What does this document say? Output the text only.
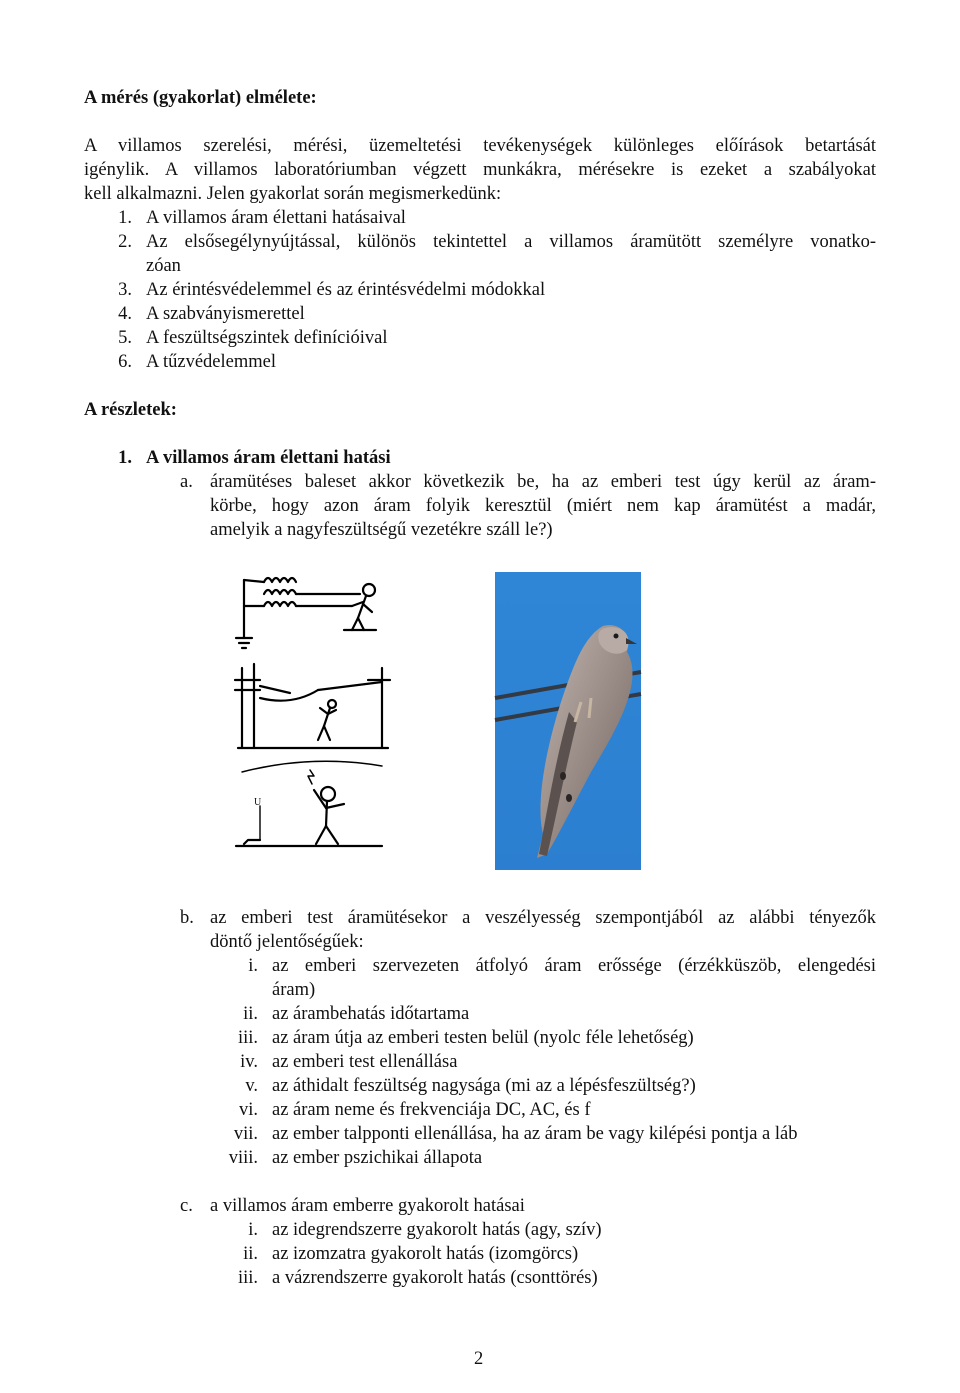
A mérés (gyakorlat) elmélete:
A villamos szerelési, mérési, üzemeltetési tevékenységek különleges előírások betartását
igénylik. A villamos laboratóriumban végzett munkákra, mérésekre is ezeket a szabályokat
kell alkalmazni. Jelen gyakorlat során megismerkedünk:
1. A villamos áram élettani hatásaival
2. Az elsősegélynyújtással, különös tekintettel a villamos áramütött személyre vonatko-
zóan
3. Az érintésvédelemmel és az érintésvédelmi módokkal
4. A szabványismerettel
5. A feszültségszintek definícióival
6. A tűzvédelemmel
A részletek:
1. A villamos áram élettani hatási
a. áramütéses baleset akkor következik be, ha az emberi test úgy kerül az áram-
körbe, hogy azon áram folyik keresztül (miért nem kap áramütést a madár,
amelyik a nagyfeszültségű vezetékre száll le?)
U
b. az emberi test áramütésekor a veszélyesség szempontjából az alábbi tényezők
döntő jelentőségűek:
i. az emberi szervezeten átfolyó áram erőssége (érzékküszöb, elengedési
áram)
ii. az árambehatás időtartama
iii. az áram útja az emberi testen belül (nyolc féle lehetőség)
iv. az emberi test ellenállása
v. az áthidalt feszültség nagysága (mi az a lépésfeszültség?)
vi. az áram neme és frekvenciája DC, AC, és f
vii. az ember talpponti ellenállása, ha az áram be vagy kilépési pontja a láb
viii. az ember pszichikai állapota
c. a villamos áram emberre gyakorolt hatásai
i. az idegrendszerre gyakorolt hatás (agy, szív)
ii. az izomzatra gyakorolt hatás (izomgörcs)
iii. a vázrendszerre gyakorolt hatás (csonttörés)
2
